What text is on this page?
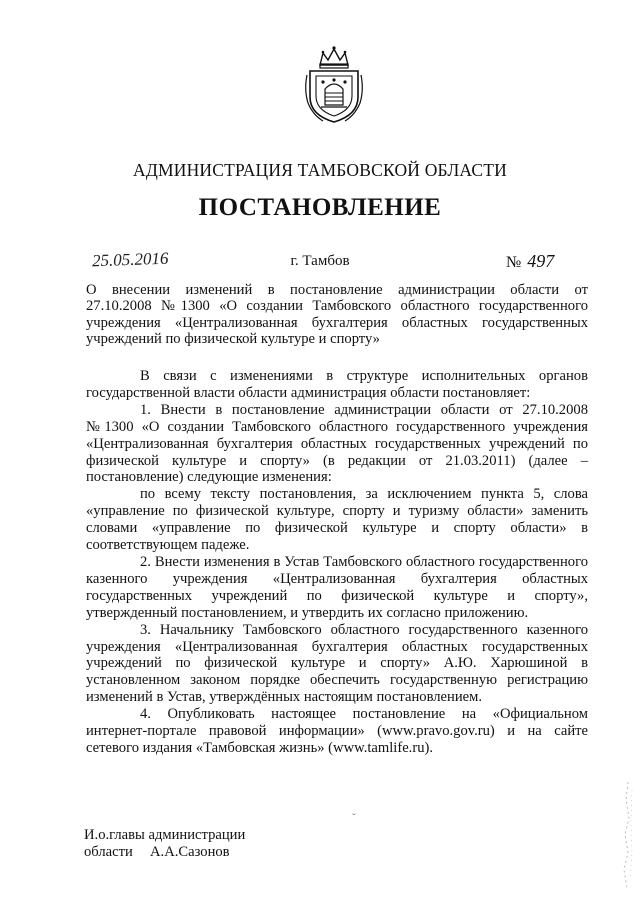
АДМИНИСТРАЦИЯ ТАМБОВСКОЙ ОБЛАСТИ
ПОСТАНОВЛЕНИЕ
25.05.2016	г. Тамбов	№ 497

О внесении изменений в постановление администрации области от

27.10.2008 №1300 «О создании Тамбовского областного государственного

учреждения «Централизованная бухгалтерия областных государственных

учреждений по физической культуре и спорту»

В связи с изменениями в структуре исполнительных органов государственной власти области администрация области постановляет:

1. Внести в постановление администрации области от 27.10.2008 №1300 «О создании Тамбовского областного государственного учреждения «Централизованная бухгалтерия областных государственных учреждений по физической культуре и спорту» (в редакции от 21.03.2011) (далее – постановление) следующие изменения:

по всему тексту постановления, за исключением пункта 5, слова «управление по физической культуре, спорту и туризму области» заменить словами «управление по физической культуре и спорту области» в соответствующем падеже.

2. Внести изменения в Устав Тамбовского областного государственного казенного учреждения «Централизованная бухгалтерия областных государственных учреждений по физической культуре и спорту», утвержденный постановлением, и утвердить их согласно приложению.

3. Начальнику Тамбовского областного государственного казенного учреждения «Централизованная бухгалтерия областных государственных учреждений по физической культуре и спорту» А.Ю. Харюшиной в установленном законом порядке обеспечить государственную регистрацию изменений в Устав, утверждённых настоящим постановлением.

4. Опубликовать настоящее постановление на «Официальном интернет-портале правовой информации» (www.pravo.gov.ru) и на сайте сетевого издания «Тамбовская жизнь» (www.tamlife.ru).

ˇ
И.о.главы администрации
области	А.А.Сазонов
